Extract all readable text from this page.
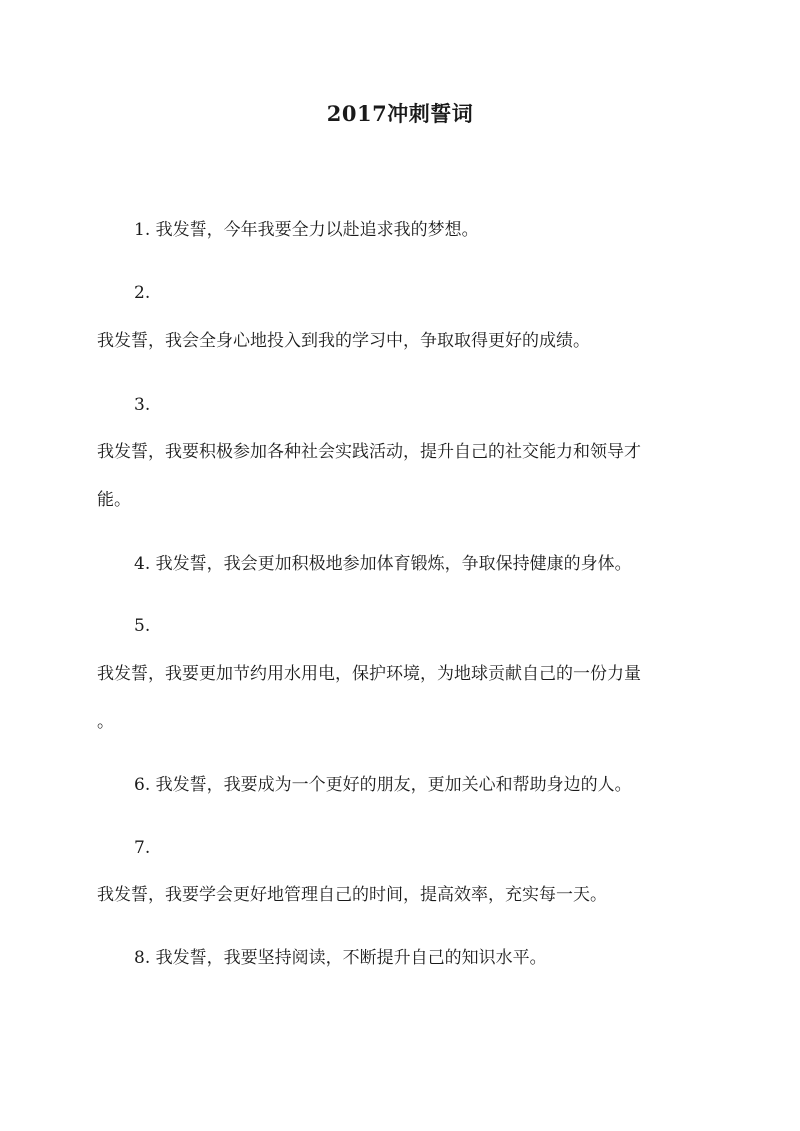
2017冲刺誓词
1. 我发誓，今年我要全力以赴追求我的梦想。
2.
我发誓，我会全身心地投入到我的学习中，争取取得更好的成绩。
3.
我发誓，我要积极参加各种社会实践活动，提升自己的社交能力和领导才
能。
4. 我发誓，我会更加积极地参加体育锻炼，争取保持健康的身体。
5.
我发誓，我要更加节约用水用电，保护环境，为地球贡献自己的一份力量
。
6. 我发誓，我要成为一个更好的朋友，更加关心和帮助身边的人。
7.
我发誓，我要学会更好地管理自己的时间，提高效率，充实每一天。
8. 我发誓，我要坚持阅读，不断提升自己的知识水平。
